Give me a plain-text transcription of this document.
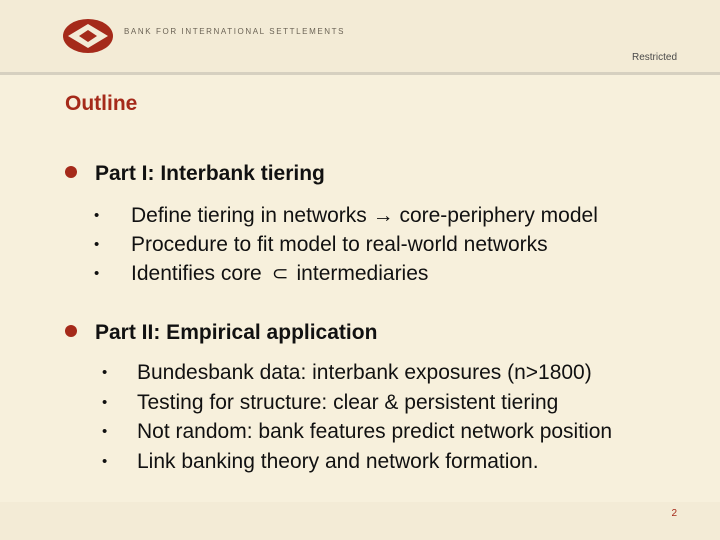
BANK FOR INTERNATIONAL SETTLEMENTS
Restricted
Outline
Part I: Interbank tiering
• Define tiering in networks → core-periphery model
• Procedure to fit model to real-world networks
• Identifies core ⊂ intermediaries
Part II: Empirical application
• Bundesbank data: interbank exposures (n>1800)
• Testing for structure: clear & persistent tiering
• Not random: bank features predict network position
• Link banking theory and network formation.
2
